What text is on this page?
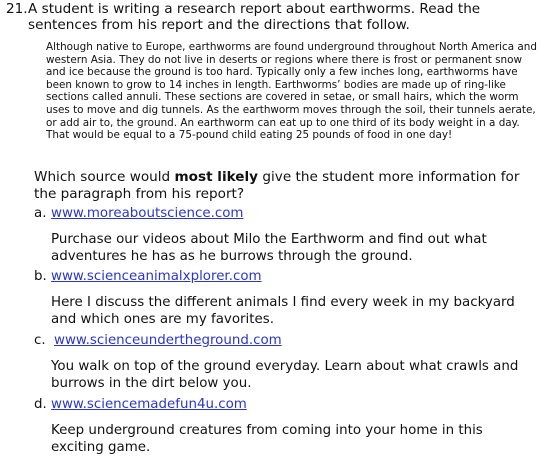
21. A student is writing a research report about earthworms. Read the sentences from his report and the directions that follow.
Although native to Europe, earthworms are found underground throughout North America and western Asia. They do not live in deserts or regions where there is frost or permanent snow and ice because the ground is too hard. Typically only a few inches long, earthworms have been known to grow to 14 inches in length. Earthworms’ bodies are made up of ring-like sections called annuli. These sections are covered in setae, or small hairs, which the worm uses to move and dig tunnels. As the earthworm moves through the soil, their tunnels aerate, or add air to, the ground. An earthworm can eat up to one third of its body weight in a day. That would be equal to a 75-pound child eating 25 pounds of food in one day!
Which source would most likely give the student more information for the paragraph from his report?
a. www.moreaboutscience.com
Purchase our videos about Milo the Earthworm and find out what adventures he has as he burrows through the ground.
b. www.scienceanimalxplorer.com
Here I discuss the different animals I find every week in my backyard and which ones are my favorites.
c. www.scienceundertheground.com
You walk on top of the ground everyday. Learn about what crawls and burrows in the dirt below you.
d. www.sciencemadefun4u.com
Keep underground creatures from coming into your home in this exciting game.
